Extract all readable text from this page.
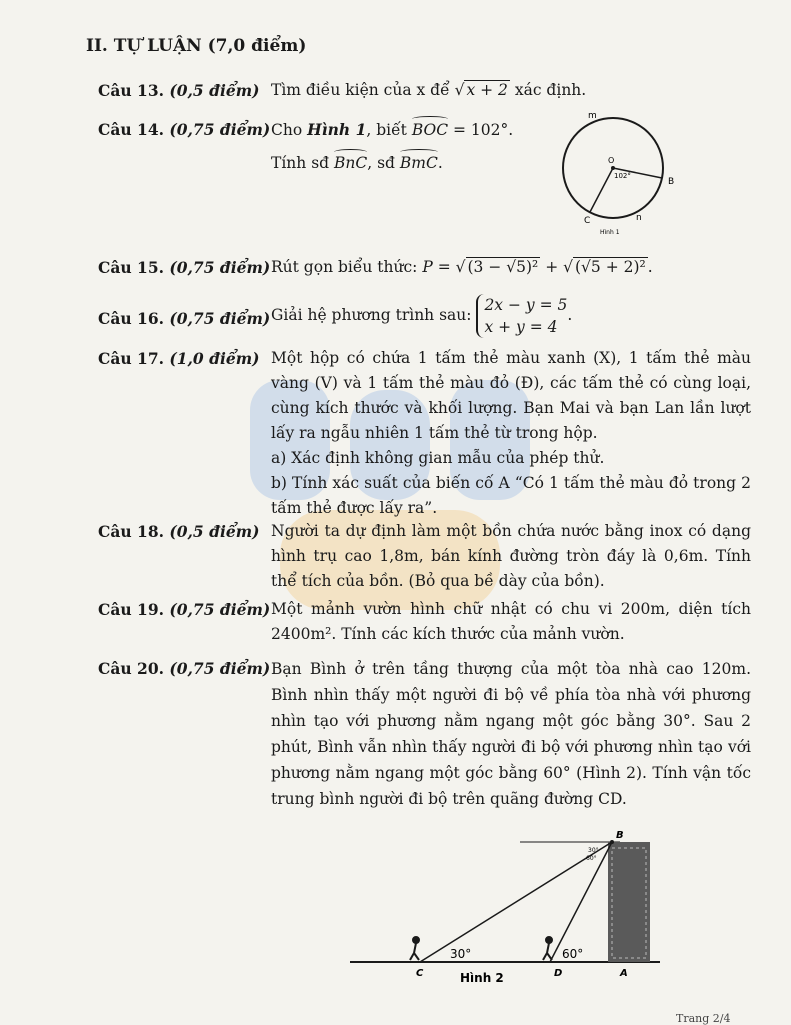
II. TỰ LUẬN (7,0 điểm)
Câu 13. (0,5 điểm) Tìm điều kiện của x để √ x + 2 xác định.
Câu 14. (0,75 điểm) Cho Hình 1, biết BOC = 102°.

Tính sđ BnC, sđ BmC.

m
O
102°
B
C	n
Hình 1
Câu 15. (0,75 điểm) Rút gọn biểu thức: P = √ (3 − √5)² + √ (√5 + 2)² .
Câu 16. (0,75 điểm) Giải hệ phương trình sau:
2x − y = 5
x + y = 4
.
Câu 17. (1,0 điểm) Một hộp có chứa 1 tấm thẻ màu xanh (X), 1 tấm thẻ màu vàng (V) và 1 tấm thẻ màu đỏ (Đ), các tấm thẻ có cùng loại, cùng kích thước và khối lượng. Bạn Mai và bạn Lan lần lượt lấy ra ngẫu nhiên 1 tấm thẻ từ trong hộp.

a) Xác định không gian mẫu của phép thử.

b) Tính xác suất của biến cố A “Có 1 tấm thẻ màu đỏ trong 2 tấm thẻ được lấy ra”.

Câu 18. (0,5 điểm) Người ta dự định làm một bồn chứa nước bằng inox có dạng hình trụ cao 1,8m, bán kính đường tròn đáy là 0,6m. Tính thể tích của bồn. (Bỏ qua bề dày của bồn).

Câu 19. (0,75 điểm) Một mảnh vườn hình chữ nhật có chu vi 200m, diện tích 2400m². Tính các kích thước của mảnh vườn.

Câu 20. (0,75 điểm) Bạn Bình ở trên tầng thượng của một tòa nhà cao 120m. Bình nhìn thấy một người đi bộ về phía tòa nhà với phương nhìn tạo với phương nằm ngang một góc bằng 30°. Sau 2 phút, Bình vẫn nhìn thấy người đi bộ với phương nhìn tạo với phương nằm ngang một góc bằng 60° (Hình 2). Tính vận tốc trung bình người đi bộ trên quãng đường CD.

B
30°
60°
30°	60°
C	D	A
Hình 2
Trang 2/4
